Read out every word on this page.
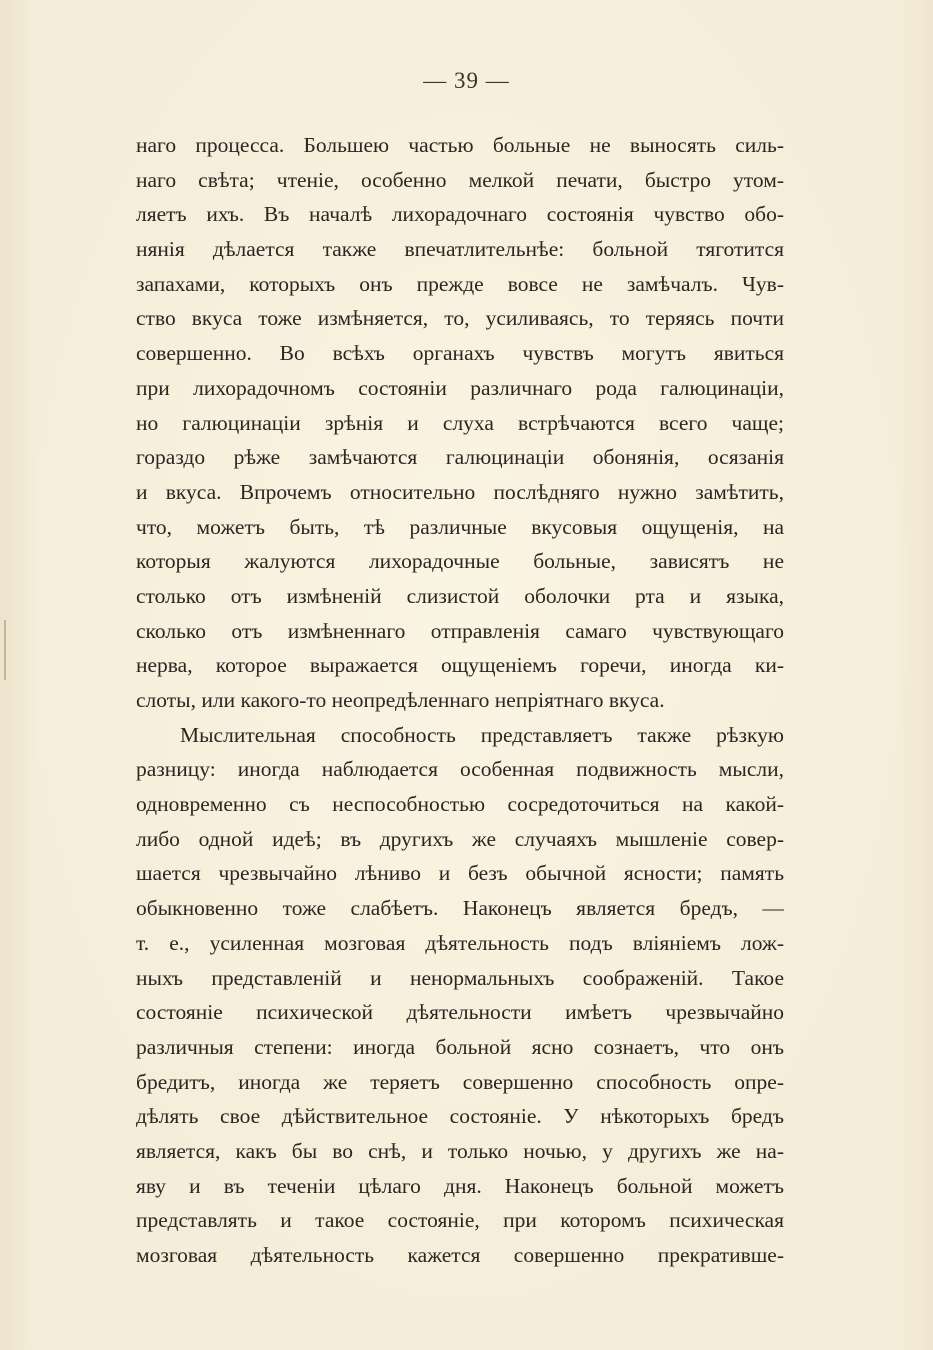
— 39 —
наго процесса. Большею частью больные не выносять силь-
наго свѣта; чтеніе, особенно мелкой печати, быстро утом-
ляетъ ихъ. Въ началѣ лихорадочнаго состоянія чувство обо-
нянія дѣлается также впечатлительнѣе: больной тяготится
запахами, которыхъ онъ прежде вовсе не замѣчалъ. Чув-
ство вкуса тоже измѣняется, то, усиливаясь, то теряясь почти
совершенно. Во всѣхъ органахъ чувствъ могутъ явиться
при лихорадочномъ состояніи различнаго рода галюцинаціи,
но галюцинаціи зрѣнія и слуха встрѣчаются всего чаще;
гораздо рѣже замѣчаются галюцинаціи обонянія, осязанія
и вкуса. Впрочемъ относительно послѣдняго нужно замѣтить,
что, можетъ быть, тѣ различные вкусовыя ощущенія, на
которыя жалуются лихорадочные больные, зависятъ не
столько отъ измѣненій слизистой оболочки рта и языка,
сколько отъ измѣненнаго отправленія самаго чувствующаго
нерва, которое выражается ощущеніемъ горечи, иногда ки-
слоты, или какого-то неопредѣленнаго непріятнаго вкуса.
Мыслительная способность представляетъ также рѣзкую
разницу: иногда наблюдается особенная подвижность мысли,
одновременно съ неспособностью сосредоточиться на какой-
либо одной идеѣ; въ другихъ же случаяхъ мышленіе совер-
шается чрезвычайно лѣниво и безъ обычной ясности; память
обыкновенно тоже слабѣетъ. Наконецъ является бредъ, —
т. е., усиленная мозговая дѣятельность подъ вліяніемъ лож-
ныхъ представленій и ненормальныхъ соображеній. Такое
состояніе психической дѣятельности имѣетъ чрезвычайно
различныя степени: иногда больной ясно сознаетъ, что онъ
бредитъ, иногда же теряетъ совершенно способность опре-
дѣлять свое дѣйствительное состояніе. У нѣкоторыхъ бредъ
является, какъ бы во снѣ, и только ночью, у другихъ же на-
яву и въ теченіи цѣлаго дня. Наконецъ больной можетъ
представлять и такое состояніе, при которомъ психическая
мозговая дѣятельность кажется совершенно прекративше-
